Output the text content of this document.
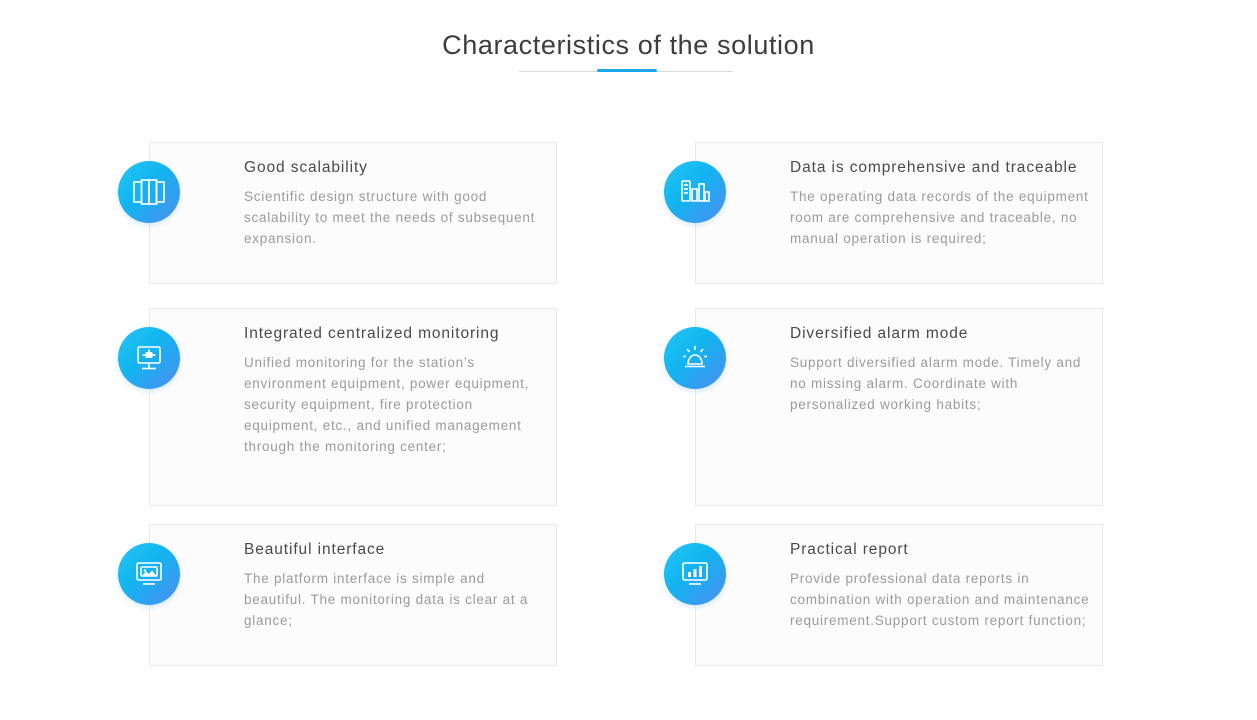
Characteristics of the solution
Good scalability
Scientific design structure with good scalability to meet the needs of subsequent expansion.
Data is comprehensive and traceable
The operating data records of the equipment room are comprehensive and traceable, no manual operation is required;
Integrated centralized monitoring
Unified monitoring for the station’s environment equipment, power equipment, security equipment, fire protection equipment, etc., and unified management through the monitoring center;
Diversified alarm mode
Support diversified alarm mode. Timely and no missing alarm. Coordinate with personalized working habits;
Beautiful interface
The platform interface is simple and beautiful. The monitoring data is clear at a glance;
Practical report
Provide professional data reports in combination with operation and maintenance requirement.Support custom report function;
